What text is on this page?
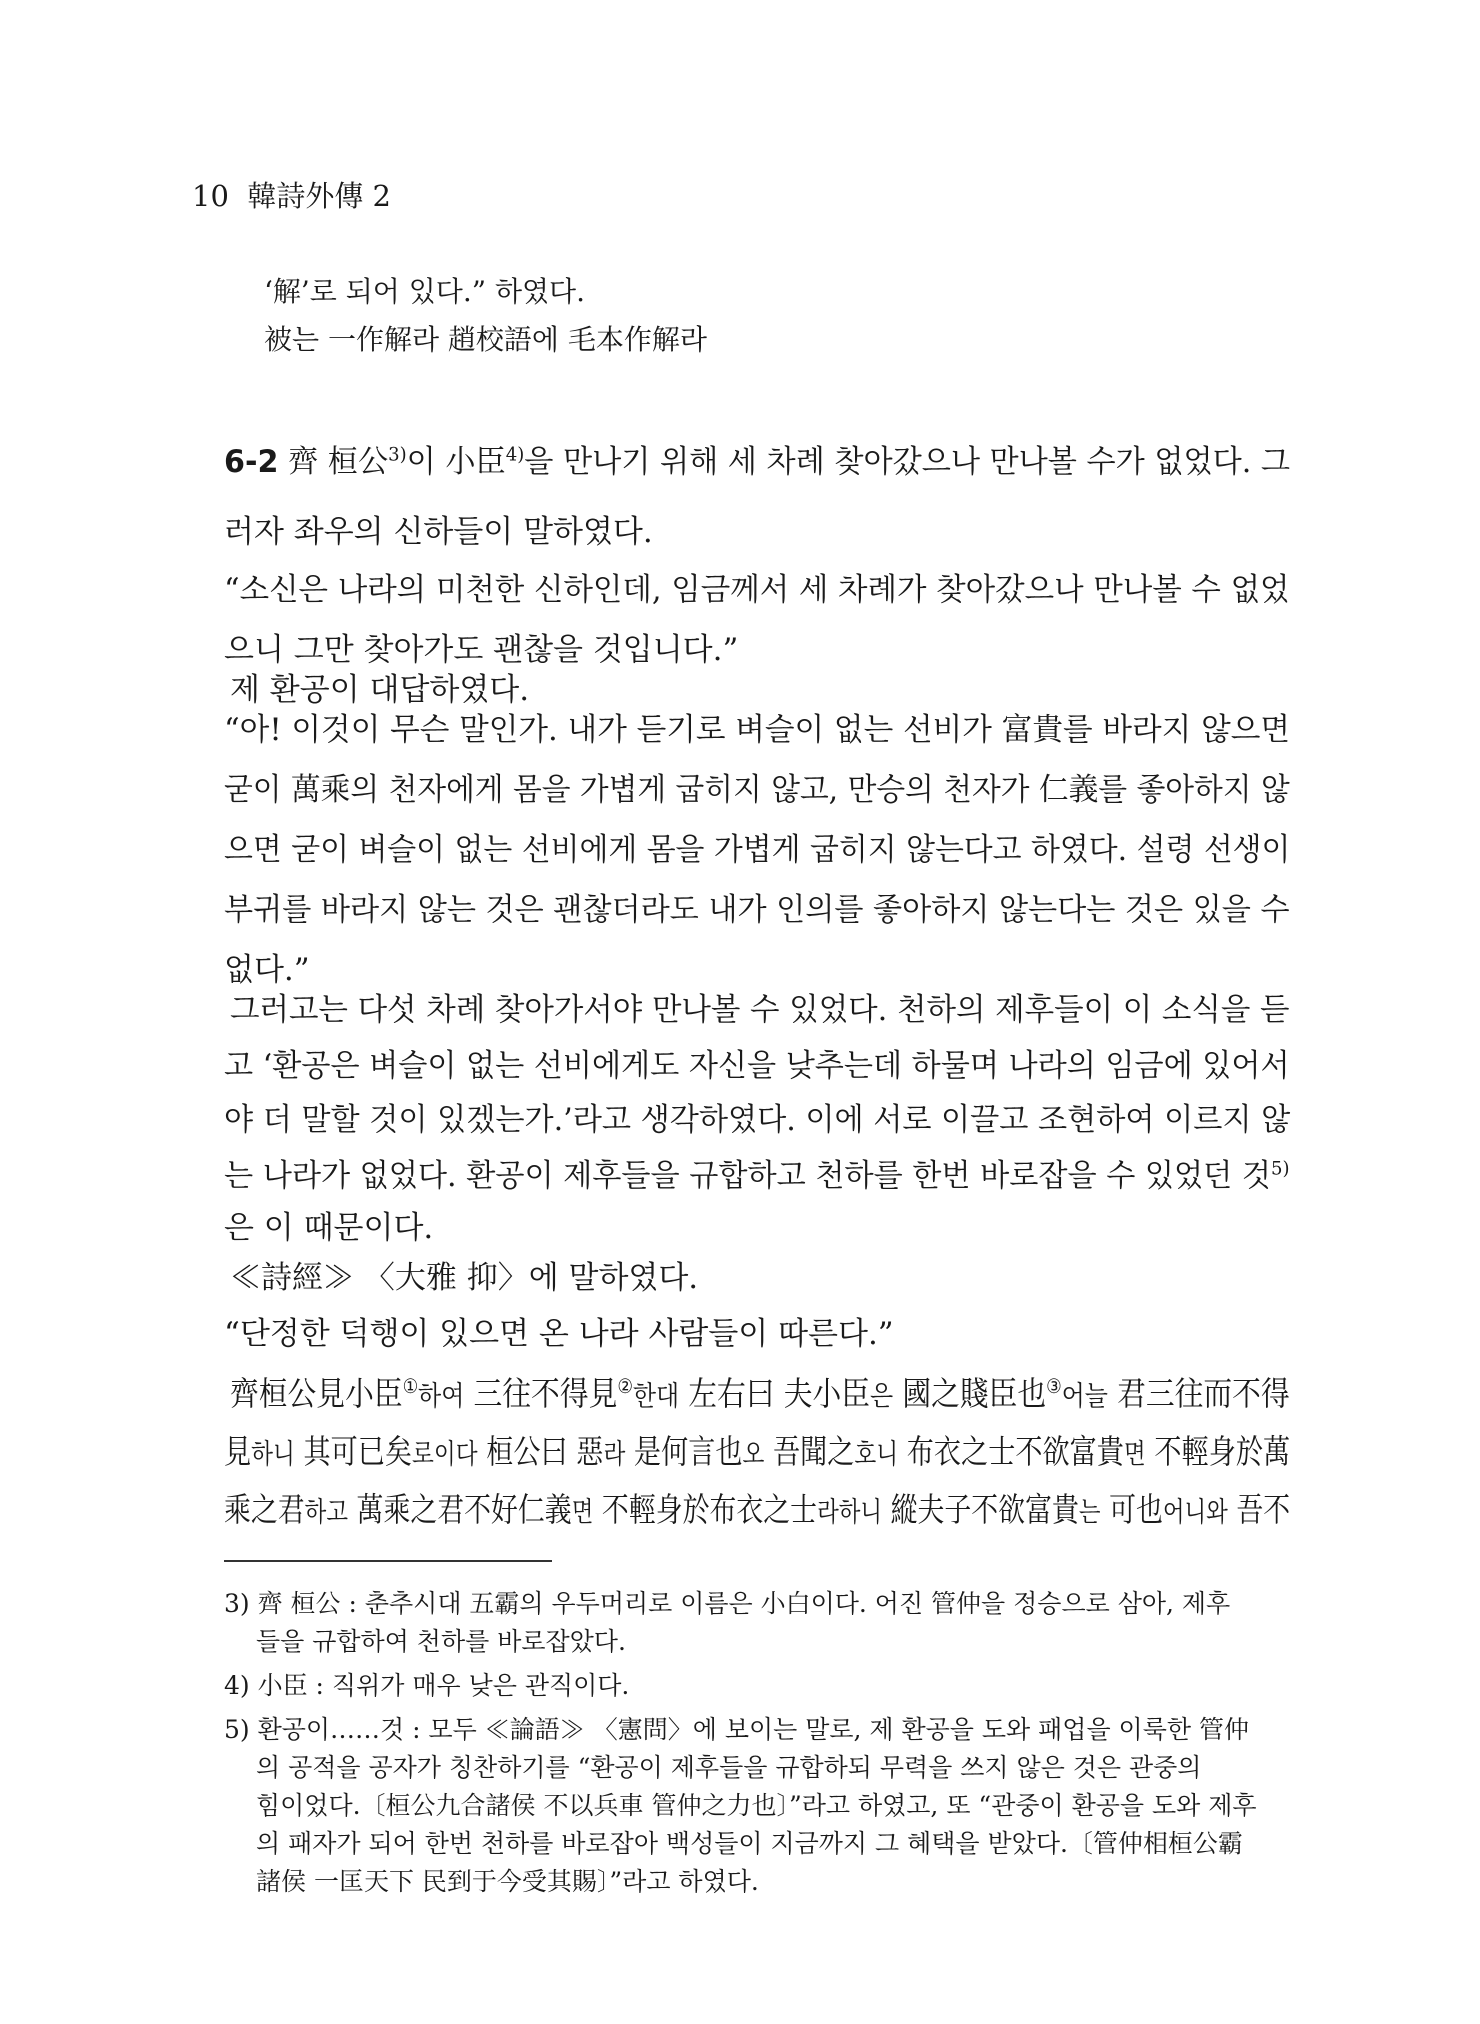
10 韓詩外傳 2
‘解’로 되어 있다.” 하였다.
被는 一作解라 趙校語에 毛本作解라
6-2 齊 桓公$^{3)}$이 小臣$^{4)}$을 만나기 위해 세 차례 찾아갔으나 만나볼 수가 없었다. 그
러자 좌우의 신하들이 말하였다.
“소신은 나라의 미천한 신하인데, 임금께서 세 차례가 찾아갔으나 만나볼 수 없었
으니 그만 찾아가도 괜찮을 것입니다.”
제 환공이 대답하였다.
“아! 이것이 무슨 말인가. 내가 듣기로 벼슬이 없는 선비가 富貴를 바라지 않으면
굳이 萬乘의 천자에게 몸을 가볍게 굽히지 않고, 만승의 천자가 仁義를 좋아하지 않
으면 굳이 벼슬이 없는 선비에게 몸을 가볍게 굽히지 않는다고 하였다. 설령 선생이
부귀를 바라지 않는 것은 괜찮더라도 내가 인의를 좋아하지 않는다는 것은 있을 수
없다.”
그러고는 다섯 차례 찾아가서야 만나볼 수 있었다. 천하의 제후들이 이 소식을 듣
고 ‘환공은 벼슬이 없는 선비에게도 자신을 낮추는데 하물며 나라의 임금에 있어서
야 더 말할 것이 있겠는가.’라고 생각하였다. 이에 서로 이끌고 조현하여 이르지 않
는 나라가 없었다. 환공이 제후들을 규합하고 천하를 한번 바로잡을 수 있었던 것$^{5)}$
은 이 때문이다.
≪詩經≫ 〈大雅 抑〉에 말하였다.
“단정한 덕행이 있으면 온 나라 사람들이 따른다.”
齊桓公見小臣①하여 三往不得見②한대 左右曰 夫小臣은 國之賤臣也③어늘 君三往而不得
見하니 其可已矣로이다 桓公曰 惡라 是何言也오 吾聞之호니 布衣之士不欲富貴면 不輕身於萬
乘之君하고 萬乘之君不好仁義면 不輕身於布衣之士라하니 縱夫子不欲富貴는 可也어니와 吾不
3) 齊 桓公 : 춘추시대 五霸의 우두머리로 이름은 小白이다. 어진 管仲을 정승으로 삼아, 제후
들을 규합하여 천하를 바로잡았다.
4) 小臣 : 직위가 매우 낮은 관직이다.
5) 환공이……것 : 모두 ≪論語≫ 〈憲問〉에 보이는 말로, 제 환공을 도와 패업을 이룩한 管仲
의 공적을 공자가 칭찬하기를 “환공이 제후들을 규합하되 무력을 쓰지 않은 것은 관중의
힘이었다.〔桓公九合諸侯 不以兵車 管仲之力也〕”라고 하였고, 또 “관중이 환공을 도와 제후
의 패자가 되어 한번 천하를 바로잡아 백성들이 지금까지 그 혜택을 받았다.〔管仲相桓公霸
諸侯 一匡天下 民到于今受其賜〕”라고 하였다.
